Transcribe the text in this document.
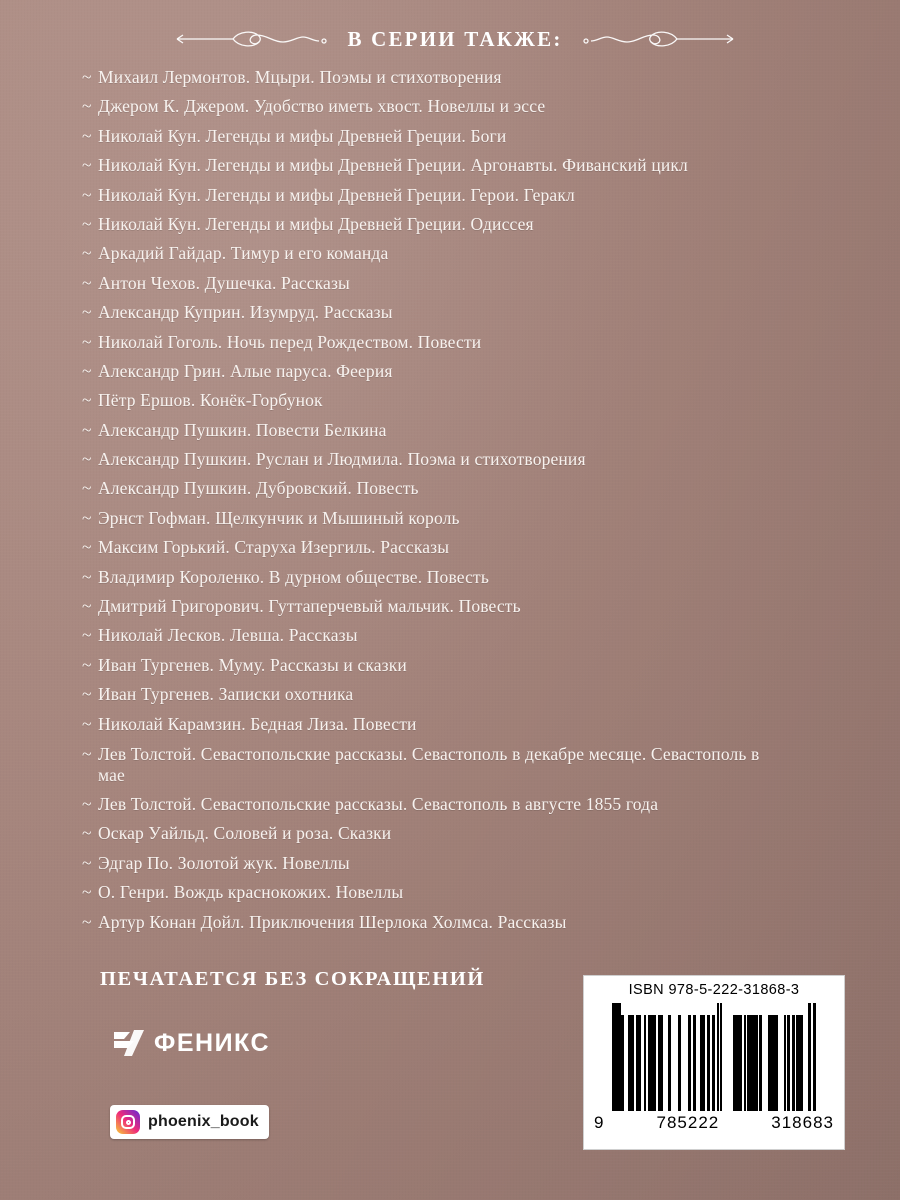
В СЕРИИ ТАКЖЕ:
~ Михаил Лермонтов. Мцыри. Поэмы и стихотворения
~ Джером К. Джером. Удобство иметь хвост. Новеллы и эссе
~ Николай Кун. Легенды и мифы Древней Греции. Боги
~ Николай Кун. Легенды и мифы Древней Греции. Аргонавты. Фиванский цикл
~ Николай Кун. Легенды и мифы Древней Греции. Герои. Геракл
~ Николай Кун. Легенды и мифы Древней Греции. Одиссея
~ Аркадий Гайдар. Тимур и его команда
~ Антон Чехов. Душечка. Рассказы
~ Александр Куприн. Изумруд. Рассказы
~ Николай Гоголь. Ночь перед Рождеством. Повести
~ Александр Грин. Алые паруса. Феерия
~ Пётр Ершов. Конёк-Горбунок
~ Александр Пушкин. Повести Белкина
~ Александр Пушкин. Руслан и Людмила. Поэма и стихотворения
~ Александр Пушкин. Дубровский. Повесть
~ Эрнст Гофман. Щелкунчик и Мышиный король
~ Максим Горький. Старуха Изергиль. Рассказы
~ Владимир Короленко. В дурном обществе. Повесть
~ Дмитрий Григорович. Гуттаперчевый мальчик. Повесть
~ Николай Лесков. Левша. Рассказы
~ Иван Тургенев. Муму. Рассказы и сказки
~ Иван Тургенев. Записки охотника
~ Николай Карамзин. Бедная Лиза. Повести
~ Лев Толстой. Севастопольские рассказы. Севастополь в декабре месяце. Севастополь в мае
~ Лев Толстой. Севастопольские рассказы. Севастополь в августе 1855 года
~ Оскар Уайльд. Соловей и роза. Сказки
~ Эдгар По. Золотой жук. Новеллы
~ О. Генри. Вождь краснокожих. Новеллы
~ Артур Конан Дойл. Приключения Шерлока Холмса. Рассказы
ПЕЧАТАЕТСЯ БЕЗ СОКРАЩЕНИЙ
ФЕНИКС
phoenix_book
ISBN 978-5-222-31868-3
9	785222	318683
